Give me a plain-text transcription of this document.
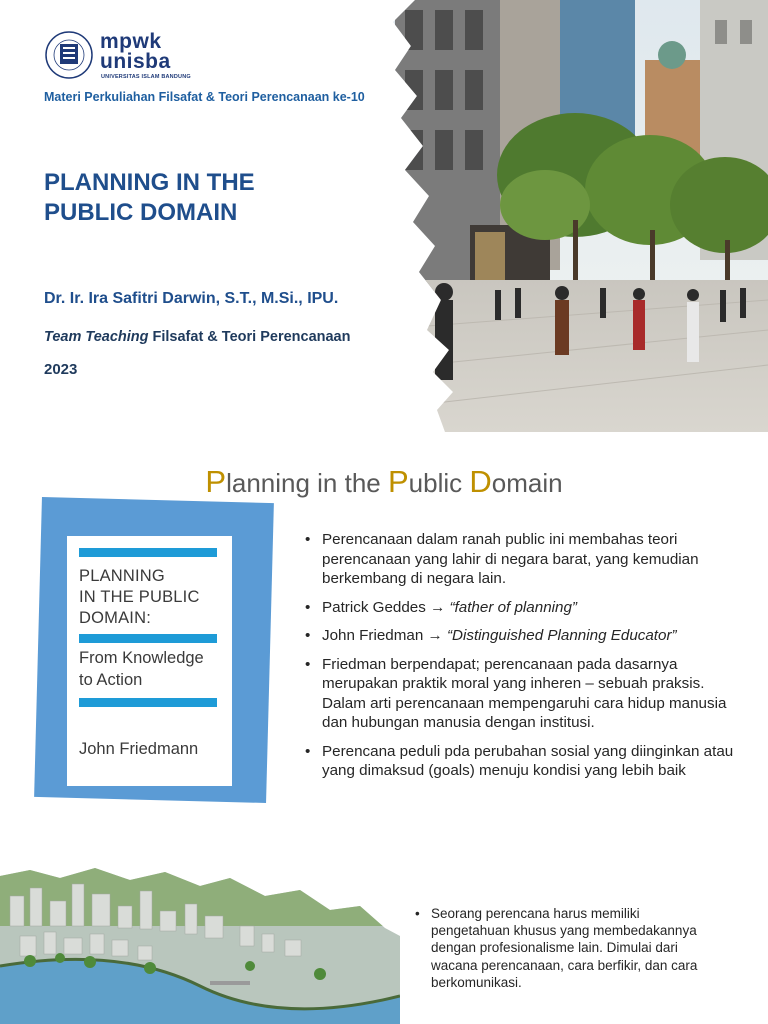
mpwk
unisba
UNIVERSITAS ISLAM BANDUNG
Materi Perkuliahan Filsafat & Teori Perencanaan ke-10
PLANNING IN THE
PUBLIC DOMAIN
Dr. Ir. Ira Safitri Darwin, S.T., M.Si., IPU.
Team Teaching Filsafat & Teori Perencanaan
2023
Planning in the Public Domain
PLANNING
IN THE PUBLIC
DOMAIN:
From Knowledge
to Action
John Friedmann
• Perencanaan dalam ranah public ini membahas teori perencanaan yang lahir di negara barat, yang kemudian berkembang di negara lain.
• Patrick Geddes → “father of planning”
• John Friedman → “Distinguished Planning Educator”
• Friedman berpendapat; perencanaan pada dasarnya merupakan praktik moral yang inheren – sebuah praksis. Dalam arti perencanaan mempengaruhi cara hidup manusia dan hubungan manusia dengan institusi.
• Perencana peduli pda perubahan sosial yang diinginkan atau yang dimaksud (goals) menuju kondisi yang lebih baik
• Seorang perencana harus memiliki pengetahuan khusus yang membedakannya dengan profesionalisme lain. Dimulai dari wacana perencanaan, cara berfikir, dan cara berkomunikasi.
